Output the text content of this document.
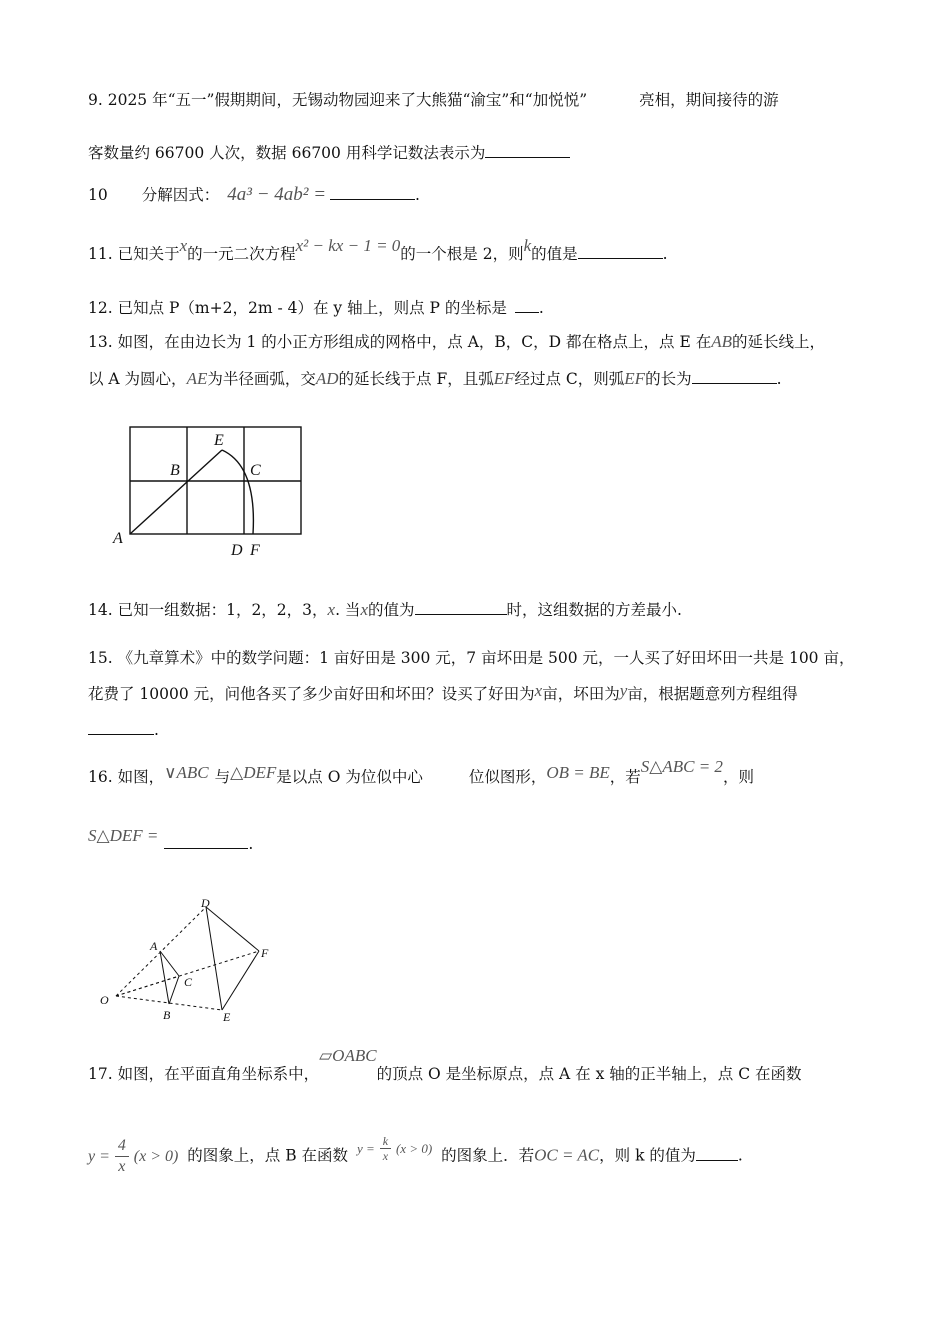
9. 2025 年“五一”假期期间，无锡动物园迎来了大熊猫“渝宝”和“加悦悦”	亮相，期间接待的游
客数量约 66700 人次，数据 66700 用科学记数法表示为
10 分解因式： 4a³ − 4ab² =	.
11. 已知关于x的一元二次方程x² − kx − 1 = 0的一个根是 2，则k的值是	.
12. 已知点 P（m+2，2m - 4）在 y 轴上，则点 P 的坐标是 .
13. 如图，在由边长为 1 的小正方形组成的网格中，点 A，B，C，D 都在格点上，点 E 在AB的延长线上，
以 A 为圆心，AE为半径画弧，交AD的延长线于点 F，且弧EF经过点 C，则弧EF的长为	.
A
B	C
D
E
F
14. 已知一组数据：1，2，2，3，x. 当x的值为	时，这组数据的方差最小.
15. 《九章算术》中的数学问题：1 亩好田是 300 元，7 亩坏田是 500 元，一人买了好田坏田一共是 100 亩，
花费了 10000 元，问他各买了多少亩好田和坏田？设买了好田为x亩，坏田为y亩，根据题意列方程组得
.
16. 如图，∨ABC 与△DEF是以点 O 为位似中心	位似图形，OB = BE，若S△ABC = 2，则
S△DEF =	.
D
A	F
C
O
B	E
17. 如图，在平面直角坐标系中，▱OABC的顶点 O 是坐标原点，点 A 在 x 轴的正半轴上，点 C 在函数
$y = \frac{4}{x} (x > 0)$ 的图象上，点 B 在函数 $y = \frac{k}{x} (x > 0)$ 的图象上．若OC = AC，则 k 的值为	.
